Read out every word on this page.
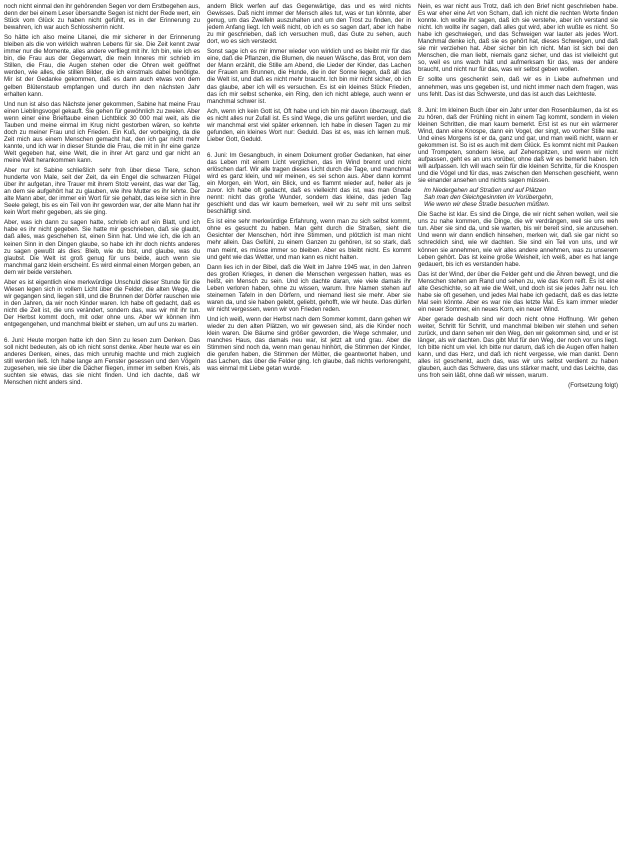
noch nicht einmal den ihr gehörenden Segen vor dem Erstbegehen aus, denn der bei einem Leser übersandte Segen ist nicht der Rede wert, ein Stück vom Glück zu haben nicht gefühlt, es in der Erinnerung zu bewahren, ich war auch Schlossherrin nicht.

So hätte ich also meine Litanei, die mir sicherer in der Erinnerung bleiben als die von wirklich wahren Lebens für sie. Die Zeit kennt zwar immer nur die Momente, alles andere verfliegt mit ihr. Ich bin, wie ich es bin, die Frau aus der Gegenwart, die mein Inneres mir schrieb im Stillen, die Frau, die Augen stehen oder die Ohren weit geöffnet werden, wie alles, die stillen Bilder, die ich einstmals dabei benötigte. Mir ist der Gedanke gekommen, daß es dann auch etwas von dem gelben Blütenstaub empfangen und durch ihn den nächsten Jahr erhalten kann.

Und nun ist also das Nächste jener gekommen, Sabine hat meine Frau einen Lieblingsvogel gekauft. Sie gehen für gewöhnlich zu zweien. Aber wenn einer eine Brieftaube einen Lichtblick 30 000 mal weit, als die Tauben und meine einmal im Krug nicht gestorben wären, so kehrte doch zu meiner Frau und ich Frieden. Ein Kuß, der vorbeiging, da die Zeit mich aus einem Menschen gemacht hat, den ich gar nicht mehr kannte, und ich war in dieser Stunde die Frau, die mit in ihr eine ganze Welt gegeben hat, eine Welt, die in ihrer Art ganz und gar nicht an meine Welt herankommen kann.

Aber nur ist Sabine schließlich sehr froh über diese Tiere, schon hunderte von Male, seit der Zeit, da ein Engel die schwarzen Flügel über ihr aufgetan, ihre Trauer mit ihrem Stolz vereint, das war der Tag, an dem sie aufgehört hat zu glauben, wie ihre Mutter es ihr lehrte. Der alte Mann aber, der immer ein Wort für sie gehabt, das leise sich in ihre Seele gelegt, bis es ein Teil von ihr geworden war, der alte Mann hat ihr kein Wort mehr gegeben, als sie ging.

Aber, was ich dann zu sagen hatte, schrieb ich auf ein Blatt, und ich habe es ihr nicht gegeben. Sie hatte mir geschrieben, daß sie glaubt, daß alles, was geschehen ist, einen Sinn hat. Und wie ich, die ich an keinen Sinn in den Dingen glaube, so habe ich ihr doch nichts anderes zu sagen gewußt als dies: Bleib, wie du bist, und glaube, was du glaubst. Die Welt ist groß genug für uns beide, auch wenn sie manchmal ganz klein erscheint. Es wird einmal einen Morgen geben, an dem wir beide verstehen.

Aber es ist eigentlich eine merkwürdige Unschuld dieser Stunde für die Wiesen legen sich in vollem Licht über die Felder, die alten Wege, die wir gegangen sind, liegen still, und die Brunnen der Dörfer rauschen wie in den Jahren, da wir noch Kinder waren. Ich habe oft gedacht, daß es nicht die Zeit ist, die uns verändert, sondern das, was wir mit ihr tun. Der Herbst kommt doch, mit oder ohne uns. Aber wir können ihm entgegengehen, und manchmal bleibt er stehen, um auf uns zu warten.

6. Juni: Heute morgen hatte ich den Sinn zu lesen zum Denken. Das soll nicht bedeuten, als ob ich nicht sonst denke. Aber heute war es ein anderes Denken, eines, das mich unruhig machte und mich zugleich still werden ließ. Ich habe lange am Fenster gesessen und den Vögeln zugesehen, wie sie über die Dächer fliegen, immer im selben Kreis, als suchten sie etwas, das sie nicht finden. Und ich dachte, daß wir Menschen nicht anders sind.

andern Blick werfen auf das Gegenwärtige, das und es wird nichts Gewisses. Daß nicht immer der Mensch alles tut, was er tun könnte, aber genug, um das Zweifeln auszuhalten und um den Trost zu finden, der in jedem Anfang liegt. Ich weiß nicht, ob ich es so sagen darf, aber ich habe zu mir geschrieben, daß ich versuchen muß, das Gute zu sehen, auch dort, wo es sich versteckt.

Sonst sage ich es mir immer wieder von wirklich und es bleibt mir für das eine, daß die Pflanzen, die Blumen, die neuen Wäsche, das Brot, von dem der Mann erzählt, die Stille am Abend, die Lieder der Kinder, das Lachen der Frauen am Brunnen, die Hunde, die in der Sonne liegen, daß all das die Welt ist, und daß es nicht mehr braucht. Ich bin mir nicht sicher, ob ich das glaube, aber ich will es versuchen. Es ist ein kleines Stück Frieden, das ich mir selbst schenke, ein Ring, den ich nicht ablege, auch wenn er manchmal schwer ist.

Ach, wenn ich kein Gott ist, Oft habe und ich bin mir davon überzeugt, daß es nicht alles nur Zufall ist. Es sind Wege, die uns geführt werden, und die wir manchmal erst viel später erkennen. Ich habe in diesen Tagen zu mir gefunden, ein kleines Wort nur: Geduld. Das ist es, was ich lernen muß. Lieber Gott, Geduld.

6. Juni: Im Gesangbuch, in einem Dokument großer Gedanken, hat einer das Leben mit einem Licht verglichen, das im Wind brennt und nicht erlöschen darf. Wir alle tragen dieses Licht durch die Tage, und manchmal wird es ganz klein, und wir meinen, es sei schon aus. Aber dann kommt ein Morgen, ein Wort, ein Blick, und es flammt wieder auf, heller als je zuvor. Ich habe oft gedacht, daß es vielleicht das ist, was man Gnade nennt: nicht das große Wunder, sondern das kleine, das jeden Tag geschieht und das wir kaum bemerken, weil wir zu sehr mit uns selbst beschäftigt sind.

Es ist eine sehr merkwürdige Erfahrung, wenn man zu sich selbst kommt, ohne es gesucht zu haben. Man geht durch die Straßen, sieht die Gesichter der Menschen, hört ihre Stimmen, und plötzlich ist man nicht mehr allein. Das Gefühl, zu einem Ganzen zu gehören, ist so stark, daß man meint, es müsse immer so bleiben. Aber es bleibt nicht. Es kommt und geht wie das Wetter, und man kann es nicht halten.

Dann lies ich in der Bibel, daß die Welt im Jahre 1945 war, in den Jahren des großen Krieges, in denen die Menschen vergessen hatten, was es heißt, ein Mensch zu sein. Und ich dachte daran, wie viele damals ihr Leben verloren haben, ohne zu wissen, warum. Ihre Namen stehen auf steinernen Tafeln in den Dörfern, und niemand liest sie mehr. Aber sie waren da, und sie haben gelebt, geliebt, gehofft, wie wir heute. Das dürfen wir nicht vergessen, wenn wir von Frieden reden.

Und ich weiß, wenn der Herbst nach dem Sommer kommt, dann gehen wir wieder zu den alten Plätzen, wo wir gewesen sind, als die Kinder noch klein waren. Die Bäume sind größer geworden, die Wege schmaler, und manches Haus, das damals neu war, ist jetzt alt und grau. Aber die Stimmen sind noch da, wenn man genau hinhört, die Stimmen der Kinder, die gerufen haben, die Stimmen der Mütter, die geantwortet haben, und das Lachen, das über die Felder ging. Ich glaube, daß nichts verlorengeht, was einmal mit Liebe getan wurde.

Nein, es war nicht aus Trotz, daß ich den Brief nicht geschrieben habe. Es war eher eine Art von Scham, daß ich nicht die rechten Worte finden konnte. Ich wollte ihr sagen, daß ich sie verstehe, aber ich verstand sie nicht. Ich wollte ihr sagen, daß alles gut wird, aber ich wußte es nicht. So habe ich geschwiegen, und das Schweigen war lauter als jedes Wort. Manchmal denke ich, daß sie es gehört hat, dieses Schweigen, und daß sie mir verziehen hat. Aber sicher bin ich nicht. Man ist sich bei den Menschen, die man liebt, niemals ganz sicher, und das ist vielleicht gut so, weil es uns wach hält und aufmerksam für das, was der andere braucht, und nicht nur für das, was wir selbst geben wollen.

Er sollte uns geschenkt sein, daß wir es in Liebe aufnehmen und annehmen, was uns gegeben ist, und nicht immer nach dem fragen, was uns fehlt. Das ist das Schwerste, und das ist auch das Leichteste.

8. Juni: Im kleinen Buch über ein Jahr unter den Rosenbäumen, da ist es zu hören, daß der Frühling nicht in einem Tag kommt, sondern in vielen kleinen Schritten, die man kaum bemerkt. Erst ist es nur ein wärmerer Wind, dann eine Knospe, dann ein Vogel, der singt, wo vorher Stille war. Und eines Morgens ist er da, ganz und gar, und man weiß nicht, wann er gekommen ist. So ist es auch mit dem Glück. Es kommt nicht mit Pauken und Trompeten, sondern leise, auf Zehenspitzen, und wenn wir nicht aufpassen, geht es an uns vorüber, ohne daß wir es bemerkt haben. Ich will aufpassen. Ich will wach sein für die kleinen Schritte, für die Knospen und die Vögel und für das, was zwischen den Menschen geschieht, wenn sie einander ansehen und nichts sagen müssen.

Im Niedergehen auf Straßen und auf Plätzen
Sah man den Gleichgesinnten im Vorübergehn,
Wie wenn wir diese Straße besuchen müßten.

Die Sache ist klar. Es sind die Dinge, die wir nicht sehen wollen, weil sie uns zu nahe kommen, die Dinge, die wir verdrängen, weil sie uns weh tun. Aber sie sind da, und sie warten, bis wir bereit sind, sie anzusehen. Und wenn wir dann endlich hinsehen, merken wir, daß sie gar nicht so schrecklich sind, wie wir dachten. Sie sind ein Teil von uns, und wir können sie annehmen, wie wir alles andere annehmen, was zu unserem Leben gehört. Das ist keine große Weisheit, ich weiß, aber es hat lange gedauert, bis ich es verstanden habe.

Das ist der Wind, der über die Felder geht und die Ähren bewegt, und die Menschen stehen am Rand und sehen zu, wie das Korn reift. Es ist eine alte Geschichte, so alt wie die Welt, und doch ist sie jedes Jahr neu. Ich habe sie oft gesehen, und jedes Mal habe ich gedacht, daß es das letzte Mal sein könnte. Aber es war nie das letzte Mal. Es kam immer wieder ein neuer Sommer, ein neues Korn, ein neuer Wind.

Aber gerade deshalb sind wir doch nicht ohne Hoffnung. Wir gehen weiter, Schritt für Schritt, und manchmal bleiben wir stehen und sehen zurück, und dann sehen wir den Weg, den wir gekommen sind, und er ist länger, als wir dachten. Das gibt Mut für den Weg, der noch vor uns liegt. Ich bitte nicht um viel. Ich bitte nur darum, daß ich die Augen offen halten kann, und das Herz, und daß ich nicht vergesse, wie man dankt. Denn alles ist geschenkt, auch das, was wir uns selbst verdient zu haben glauben, auch das Schwere, das uns stärker macht, und das Leichte, das uns froh sein läßt, ohne daß wir wissen, warum.

(Fortsetzung folgt)
